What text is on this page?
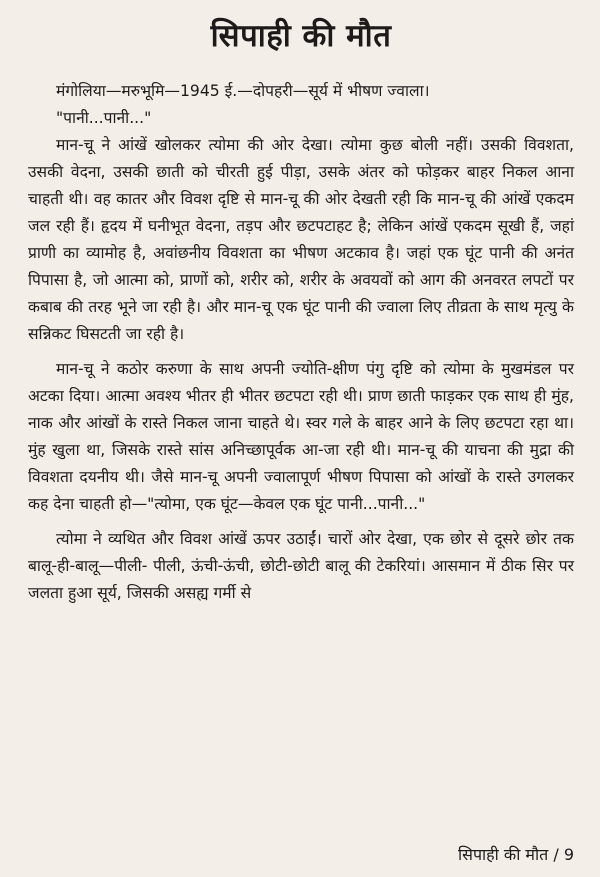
सिपाही की मौत

मंगोलिया—मरुभूमि—1945 ई.—दोपहरी—सूर्य में भीषण ज्वाला।

"पानी...पानी..."

मान-चू ने आंखें खोलकर त्योमा की ओर देखा। त्योमा कुछ बोली नहीं। उसकी विवशता, उसकी वेदना, उसकी छाती को चीरती हुई पीड़ा, उसके अंतर को फोड़कर बाहर निकल आना चाहती थी। वह कातर और विवश दृष्टि से मान-चू की ओर देखती रही कि मान-चू की आंखें एकदम जल रही हैं। हृदय में घनीभूत वेदना, तड़प और छटपटाहट है; लेकिन आंखें एकदम सूखी हैं, जहां प्राणी का व्यामोह है, अवांछनीय विवशता का भीषण अटकाव है। जहां एक घूंट पानी की अनंत पिपासा है, जो आत्मा को, प्राणों को, शरीर को, शरीर के अवयवों को आग की अनवरत लपटों पर कबाब की तरह भूने जा रही है। और मान-चू एक घूंट पानी की ज्वाला लिए तीव्रता के साथ मृत्यु के सन्निकट घिसटती जा रही है।

मान-चू ने कठोर करुणा के साथ अपनी ज्योति-क्षीण पंगु दृष्टि को त्योमा के मुखमंडल पर अटका दिया। आत्मा अवश्य भीतर ही भीतर छटपटा रही थी। प्राण छाती फाड़कर एक साथ ही मुंह, नाक और आंखों के रास्ते निकल जाना चाहते थे। स्वर गले के बाहर आने के लिए छटपटा रहा था। मुंह खुला था, जिसके रास्ते सांस अनिच्छापूर्वक आ-जा रही थी। मान-चू की याचना की मुद्रा की विवशता दयनीय थी। जैसे मान-चू अपनी ज्वालापूर्ण भीषण पिपासा को आंखों के रास्ते उगलकर कह देना चाहती हो—"त्योमा, एक घूंट—केवल एक घूंट पानी...पानी..."

त्योमा ने व्यथित और विवश आंखें ऊपर उठाईं। चारों ओर देखा, एक छोर से दूसरे छोर तक बालू-ही-बालू—पीली- पीली, ऊंची-ऊंची, छोटी-छोटी बालू की टेकरियां। आसमान में ठीक सिर पर जलता हुआ सूर्य, जिसकी असह्य गर्मी से

सिपाही की मौत / 9
